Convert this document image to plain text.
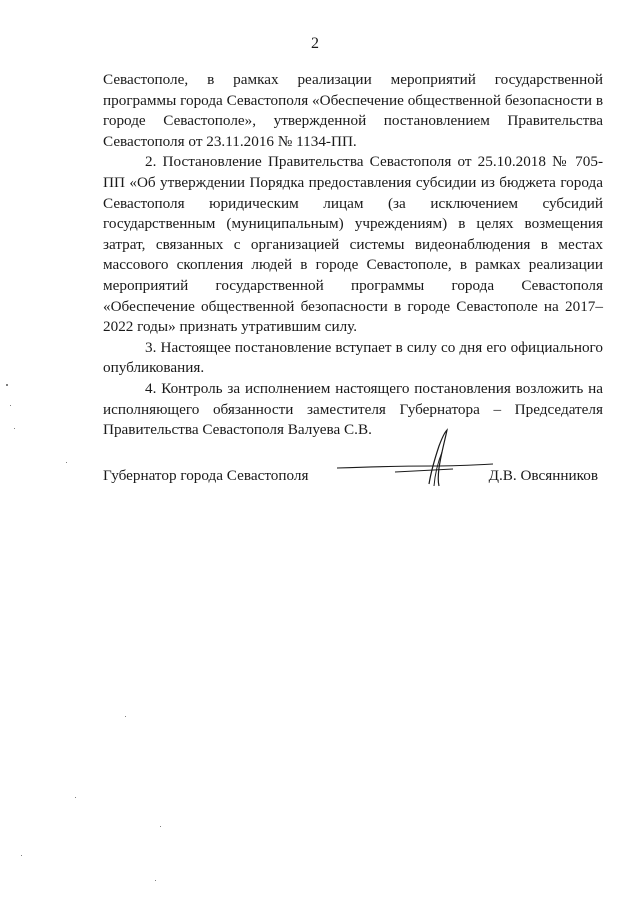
2

Севастополе, в рамках реализации мероприятий государственной программы города Севастополя «Обеспечение общественной безопасности в городе Севастополе», утвержденной постановлением Правительства Севастополя от 23.11.2016 № 1134-ПП.

2. Постановление Правительства Севастополя от 25.10.2018 № 705-ПП «Об утверждении Порядка предоставления субсидии из бюджета города Севастополя юридическим лицам (за исключением субсидий государственным (муниципальным) учреждениям) в целях возмещения затрат, связанных с организацией системы видеонаблюдения в местах массового скопления людей в городе Севастополе, в рамках реализации мероприятий государственной программы города Севастополя «Обеспечение общественной безопасности в городе Севастополе на 2017–2022 годы» признать утратившим силу.

3. Настоящее постановление вступает в силу со дня его официального опубликования.

4. Контроль за исполнением настоящего постановления возложить на исполняющего обязанности заместителя Губернатора – Председателя Правительства Севастополя Валуева С.В.

Губернатор города Севастополя	Д.В. Овсянников
